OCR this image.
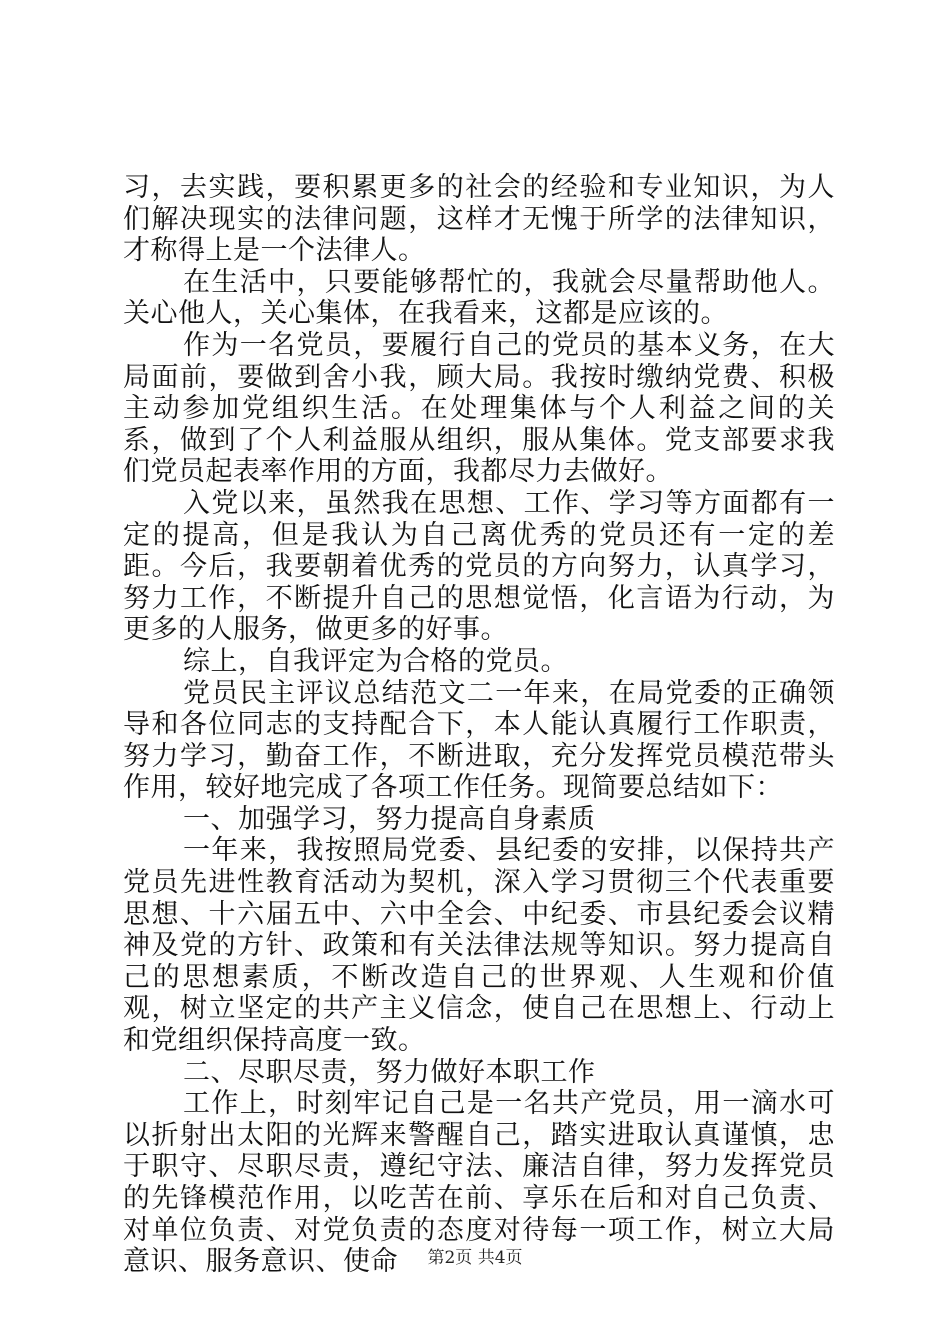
习，去实践，要积累更多的社会的经验和专业知识，为人们解决现实的法律问题，这样才无愧于所学的法律知识，才称得上是一个法律人。

在生活中，只要能够帮忙的，我就会尽量帮助他人。关心他人，关心集体，在我看来，这都是应该的。

作为一名党员，要履行自己的党员的基本义务，在大局面前，要做到舍小我，顾大局。我按时缴纳党费、积极主动参加党组织生活。在处理集体与个人利益之间的关系，做到了个人利益服从组织，服从集体。党支部要求我们党员起表率作用的方面，我都尽力去做好。

入党以来，虽然我在思想、工作、学习等方面都有一定的提高，但是我认为自己离优秀的党员还有一定的差距。今后，我要朝着优秀的党员的方向努力，认真学习，努力工作，不断提升自己的思想觉悟，化言语为行动，为更多的人服务，做更多的好事。

综上，自我评定为合格的党员。

党员民主评议总结范文二一年来，在局党委的正确领导和各位同志的支持配合下，本人能认真履行工作职责，努力学习，勤奋工作，不断进取，充分发挥党员模范带头作用，较好地完成了各项工作任务。现简要总结如下：

一、加强学习，努力提高自身素质

一年来，我按照局党委、县纪委的安排，以保持共产党员先进性教育活动为契机，深入学习贯彻三个代表重要思想、十六届五中、六中全会、中纪委、市县纪委会议精神及党的方针、政策和有关法律法规等知识。努力提高自己的思想素质，不断改造自己的世界观、人生观和价值观，树立坚定的共产主义信念，使自己在思想上、行动上和党组织保持高度一致。

二、尽职尽责，努力做好本职工作

工作上，时刻牢记自己是一名共产党员，用一滴水可以折射出太阳的光辉来警醒自己，踏实进取认真谨慎，忠于职守、尽职尽责，遵纪守法、廉洁自律，努力发挥党员的先锋模范作用，以吃苦在前、享乐在后和对自己负责、对单位负责、对党负责的态度对待每一项工作，树立大局意识、服务意识、使命	第2页 共4页
